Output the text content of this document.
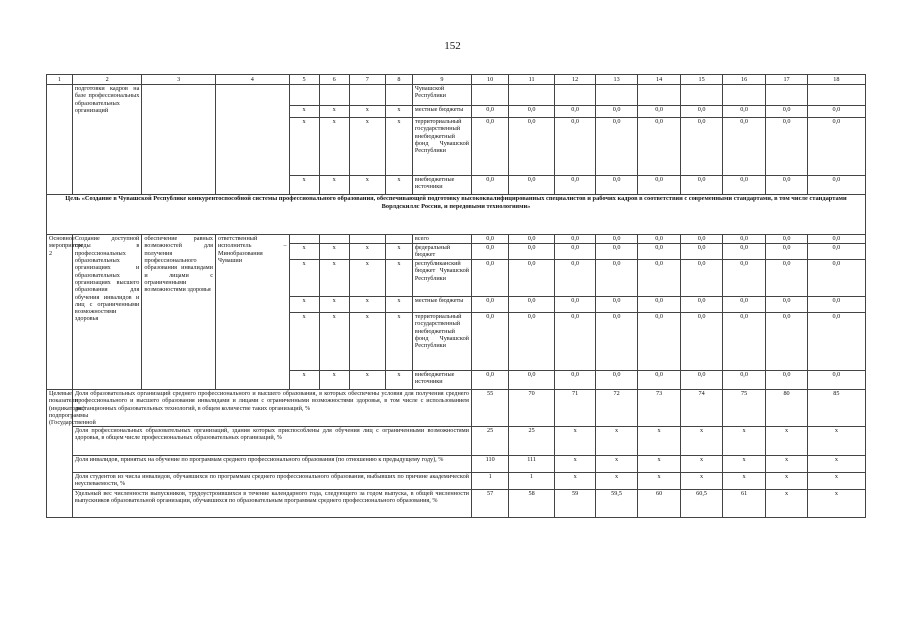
152
1	2	3	4	5	6	7	8	9	10	11	12	13	14	15	16	17	18
	подготовки кадров на базе профессиональных образовательных организаций							Чувашской Республики									
				x	x	x	x	местные бюджеты	0,0	0,0	0,0	0,0	0,0	0,0	0,0	0,0	0,0
				x	x	x	x	территориальный государственный внебюджетный фонд Чувашской Республики	0,0	0,0	0,0	0,0	0,0	0,0	0,0	0,0	0,0
				x	x	x	x	внебюджетные источники	0,0	0,0	0,0	0,0	0,0	0,0	0,0	0,0	0,0
Цель «Создание в Чувашской Республике конкурентоспособной системы профессионального образования, обеспечивающей подготовку высококвалифицированных специалистов и рабочих кадров в соответствии с современными стандартами, в том числе стандартами Ворлдскиллс Россия, и передовыми технологиями»																	
Основное мероприятие 2	Создание доступной среды в профессиональных образовательных организациях и образовательных организациях высшего образования для обучения инвалидов и лиц с ограниченными возможностями здоровья	обеспечение равных возможностей для получения профессионального образования инвалидами и лицами с ограниченными возможностями здоровья	ответственный исполнитель – Минобразования Чувашии					всего	0,0	0,0	0,0	0,0	0,0	0,0	0,0	0,0	0,0
				x	x	x	x	федеральный бюджет	0,0	0,0	0,0	0,0	0,0	0,0	0,0	0,0	0,0
				x	x	x	x	республиканский бюджет Чувашской Республики	0,0	0,0	0,0	0,0	0,0	0,0	0,0	0,0	0,0
				x	x	x	x	местные бюджеты	0,0	0,0	0,0	0,0	0,0	0,0	0,0	0,0	0,0
				x	x	x	x	территориальный государственный внебюджетный фонд Чувашской Республики	0,0	0,0	0,0	0,0	0,0	0,0	0,0	0,0	0,0
				x	x	x	x	внебюджетные источники	0,0	0,0	0,0	0,0	0,0	0,0	0,0	0,0	0,0
Целевые показатели (индикаторы) подпрограммы (Государственной	Доля образовательных организаций среднего профессионального и высшего образования, в которых обеспечены условия для получения среднего профессионального и высшего образования инвалидами и лицами с ограниченными возможностями здоровья, в том числе с использованием дистанционных образовательных технологий, в общем количестве таких организаций, %								55	70	71	72	73	74	75	80	85
	Доля профессиональных образовательных организаций, здания которых приспособлены для обучения лиц с ограниченными возможностями здоровья, в общем числе профессиональных образовательных организаций, %								25	25	x	x	x	x	x	x	x
	Доля инвалидов, принятых на обучение по программам среднего профессионального образования (по отношению к предыдущему году), %								110	111	x	x	x	x	x	x	x
	Доля студентов из числа инвалидов, обучавшихся по программам среднего профессионального образования, выбывших по причине академической неуспеваемости, %								1	1	x	x	x	x	x	x	x
	Удельный вес численности выпускников, трудоустроившихся в течение календарного года, следующего за годом выпуска, в общей численности выпускников образовательной организации, обучавшихся по образовательным программам среднего профессионального образования, %								57	58	59	59,5	60	60,5	61	x	x
